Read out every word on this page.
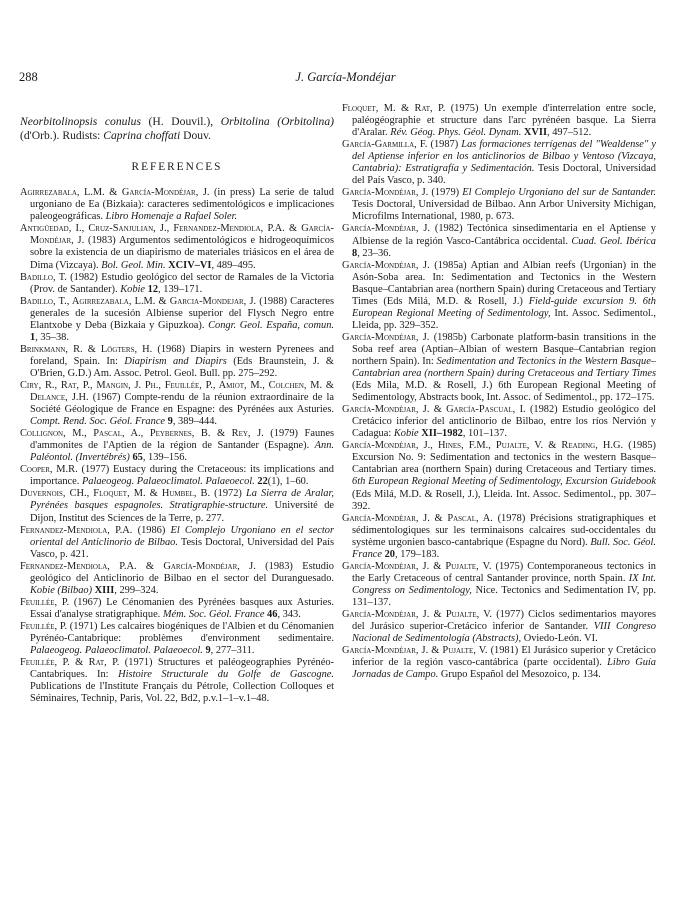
288	J. García-Mondéjar

Neorbitolinopsis conulus (H. Douvil.), Orbitolina (Orbitolina) (d'Orb.). Rudists: Caprina choffati Douv.

REFERENCES

Agirrezabala, L.M. & García-Mondéjar, J. (in press) La serie de talud urgoniano de Ea (Bizkaia): caracteres sedimentológicos e implicaciones paleogeográficas. Libro Homenaje a Rafael Soler.

Antigüedad, I., Cruz-Sanjulian, J., Fernandez-Mendiola, P.A. & García-Mondéjar, J. (1983) Argumentos sedimentológicos e hidrogeoquímicos sobre la existencia de un diapirismo de materiales triásicos en el área de Dima (Vizcaya). Bol. Geol. Min. XCIV–VI, 489–495.

Badillo, T. (1982) Estudio geológico del sector de Ramales de la Victoria (Prov. de Santander). Kobie 12, 139–171.

Badillo, T., Agirrezabala, L.M. & Garcia-Mondejar, J. (1988) Caracteres generales de la sucesión Albiense superior del Flysch Negro entre Elantxobe y Deba (Bizkaia y Gipuzkoa). Congr. Geol. España, comun. 1, 35–38.

Brinkmann, R. & Lögters, H. (1968) Diapirs in western Pyrenees and foreland, Spain. In: Diapirism and Diapirs (Eds Braunstein, J. & O'Brien, G.D.) Am. Assoc. Petrol. Geol. Bull. pp. 275–292.

Ciry, R., Rat, P., Mangin, J. Ph., Feuillée, P., Amiot, M., Colchen, M. & Delance, J.H. (1967) Compte-rendu de la réunion extraordinaire de la Société Géologique de France en Espagne: des Pyrénées aux Asturies. Compt. Rend. Soc. Géol. France 9, 389–444.

Collignon, M., Pascal, A., Peybernes, B. & Rey, J. (1979) Faunes d'ammonites de l'Aptien de la région de Santander (Espagne). Ann. Paléontol. (Invertébrés) 65, 139–156.

Cooper, M.R. (1977) Eustacy during the Cretaceous: its implications and importance. Palaeogeog. Palaeoclimatol. Palaeoecol. 22(1), 1–60.

Duvernois, CH., Floquet, M. & Humbel, B. (1972) La Sierra de Aralar, Pyrénées basques espagnoles. Stratigraphie-structure. Université de Dijon, Institut des Sciences de la Terre, p. 277.

Fernandez-Mendiola, P.A. (1986) El Complejo Urgoniano en el sector oriental del Anticlinorio de Bilbao. Tesis Doctoral, Universidad del País Vasco, p. 421.

Fernandez-Mendiola, P.A. & García-Mondéjar, J. (1983) Estudio geológico del Anticlinorio de Bilbao en el sector del Duranguesado. Kobie (Bilbao) XIII, 299–324.

Feuillée, P. (1967) Le Cénomanien des Pyrénées basques aux Asturies. Essai d'analyse stratigraphique. Mém. Soc. Géol. France 46, 343.

Feuillée, P. (1971) Les calcaires biogéniques de l'Albien et du Cénomanien Pyrénéo-Cantabrique: problèmes d'environment sedimentaire. Palaeogeog. Palaeoclimatol. Palaeoecol. 9, 277–311.

Feuillée, P. & Rat, P. (1971) Structures et paléogeographies Pyrénéo-Cantabriques. In: Histoire Structurale du Golfe de Gascogne. Publications de l'Institute Français du Pétrole, Collection Colloques et Séminaires, Technip, Paris, Vol. 22, Bd2, p.v.1–1–v.1–48.

Floquet, M. & Rat, P. (1975) Un exemple d'interrelation entre socle, paléogéographie et structure dans l'arc pyrénéen basque. La Sierra d'Aralar. Rév. Géog. Phys. Géol. Dynam. XVII, 497–512.

García-Garmilla, F. (1987) Las formaciones terrígenas del "Wealdense" y del Aptiense inferior en los anticlinorios de Bilbao y Ventoso (Vizcaya, Cantabria): Estratigrafía y Sedimentación. Tesis Doctoral, Universidad del País Vasco, p. 340.

García-Mondéjar, J. (1979) El Complejo Urgoniano del sur de Santander. Tesis Doctoral, Universidad de Bilbao. Ann Arbor University Michigan, Microfilms International, 1980, p. 673.

García-Mondéjar, J. (1982) Tectónica sinsedimentaria en el Aptiense y Albiense de la región Vasco-Cantábrica occidental. Cuad. Geol. Ibérica 8, 23–36.

García-Mondéjar, J. (1985a) Aptian and Albian reefs (Urgonian) in the Asón-Soba area. In: Sedimentation and Tectonics in the Western Basque–Cantabrian area (northern Spain) during Cretaceous and Tertiary Times (Eds Milá, M.D. & Rosell, J.) Field-guide excursion 9. 6th European Regional Meeting of Sedimentology, Int. Assoc. Sedimentol., Lleida, pp. 329–352.

García-Mondéjar, J. (1985b) Carbonate platform-basin transitions in the Soba reef area (Aptian–Albian of western Basque–Cantabrian region northern Spain). In: Sedimentation and Tectonics in the Western Basque–Cantabrian area (northern Spain) during Cretaceous and Tertiary Times (Eds Mila, M.D. & Rosell, J.) 6th European Regional Meeting of Sedimentology, Abstracts book, Int. Assoc. of Sedimentol., pp. 172–175.

García-Mondéjar, J. & García-Pascual, I. (1982) Estudio geológico del Cretácico inferior del anticlinorio de Bilbao, entre los ríos Nervión y Cadagua: Kobie XII–1982, 101–137.

García-Mondéjar, J., Hines, F.M., Pujalte, V. & Reading, H.G. (1985) Excursion No. 9: Sedimentation and tectonics in the western Basque–Cantabrian area (northern Spain) during Cretaceous and Tertiary times. 6th European Regional Meeting of Sedimentology, Excursion Guidebook (Eds Milá, M.D. & Rosell, J.), Lleida. Int. Assoc. Sedimentol., pp. 307–392.

García-Mondéjar, J. & Pascal, A. (1978) Précisions stratigraphiques et sédimentologiques sur les terminaisons calcaires sud-occidentales du système urgonien basco-cantabrique (Espagne du Nord). Bull. Soc. Géol. France 20, 179–183.

García-Mondéjar, J. & Pujalte, V. (1975) Contemporaneous tectonics in the Early Cretaceous of central Santander province, north Spain. IX Int. Congress on Sedimentology, Nice. Tectonics and Sedimentation IV, pp. 131–137.

García-Mondéjar, J. & Pujalte, V. (1977) Ciclos sedimentarios mayores del Jurásico superior-Cretácico inferior de Santander. VIII Congreso Nacional de Sedimentología (Abstracts), Oviedo-León. VI.

García-Mondéjar, J. & Pujalte, V. (1981) El Jurásico superior y Cretácico inferior de la región vasco-cantábrica (parte occidental). Libro Guía Jornadas de Campo. Grupo Español del Mesozoico, p. 134.
